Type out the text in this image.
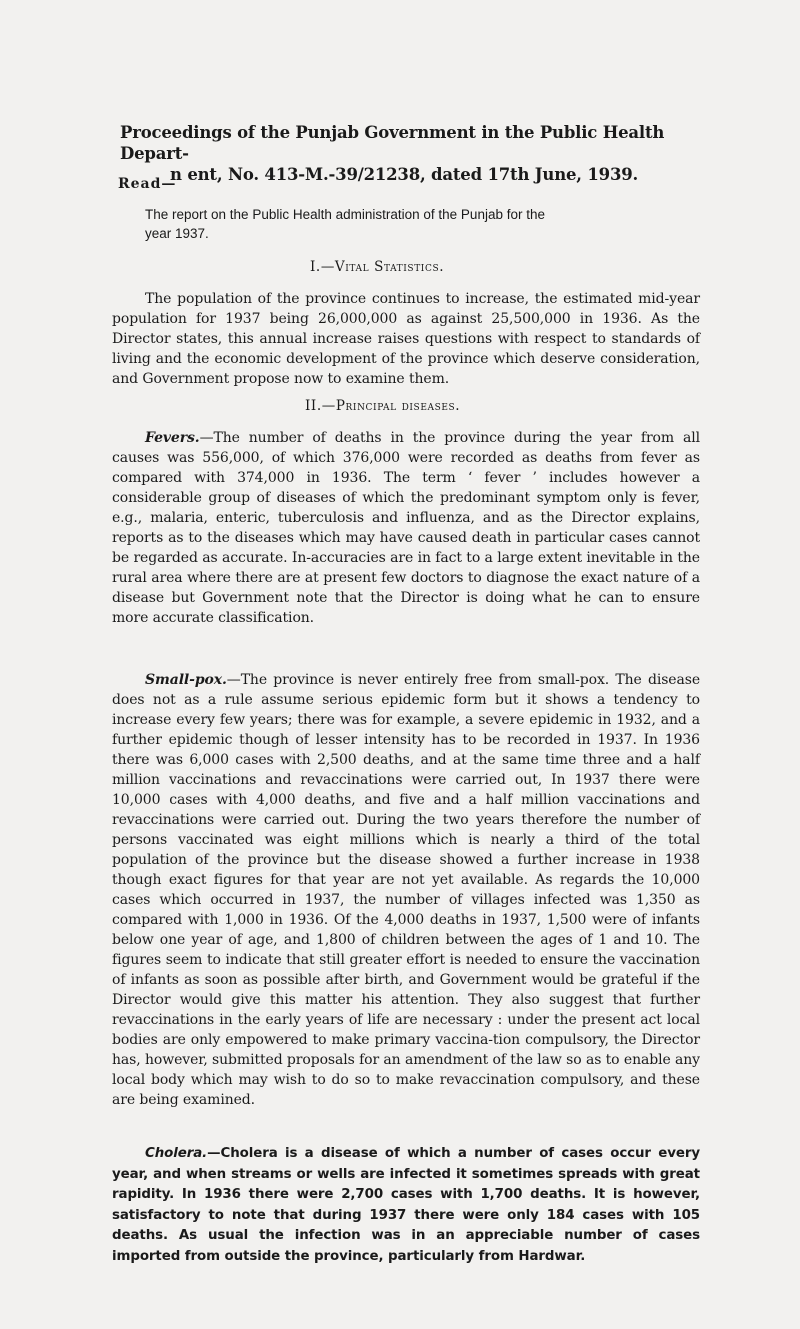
Proceedings of the Punjab Government in the Public Health Depart-
n ent, No. 413-M.-39/21238, dated 17th June, 1939.
Read—
The report on the Public Health administration of the Punjab for the
year 1937.
I.—Vital Statistics.
The population of the province continues to increase, the estimated mid-year population for 1937 being 26,000,000 as against 25,500,000 in 1936. As the Director states, this annual increase raises questions with respect to standards of living and the economic development of the province which deserve consideration, and Government propose now to examine them.
II.—Principal diseases.
Fevers.—The number of deaths in the province during the year from all causes was 556,000, of which 376,000 were recorded as deaths from fever as compared with 374,000 in 1936. The term ‘ fever ’ includes however a considerable group of diseases of which the predominant symptom only is fever, e.g., malaria, enteric, tuberculosis and influenza, and as the Director explains, reports as to the diseases which may have caused death in particular cases cannot be regarded as accurate. In-accuracies are in fact to a large extent inevitable in the rural area where there are at present few doctors to diagnose the exact nature of a disease but Government note that the Director is doing what he can to ensure more accurate classification.
Small-pox.—The province is never entirely free from small-pox. The disease does not as a rule assume serious epidemic form but it shows a tendency to increase every few years; there was for example, a severe epidemic in 1932, and a further epidemic though of lesser intensity has to be recorded in 1937. In 1936 there was 6,000 cases with 2,500 deaths, and at the same time three and a half million vaccinations and revaccinations were carried out, In 1937 there were 10,000 cases with 4,000 deaths, and five and a half million vaccinations and revaccinations were carried out. During the two years therefore the number of persons vaccinated was eight millions which is nearly a third of the total population of the province but the disease showed a further increase in 1938 though exact figures for that year are not yet available. As regards the 10,000 cases which occurred in 1937, the number of villages infected was 1,350 as compared with 1,000 in 1936. Of the 4,000 deaths in 1937, 1,500 were of infants below one year of age, and 1,800 of children between the ages of 1 and 10. The figures seem to indicate that still greater effort is needed to ensure the vaccination of infants as soon as possible after birth, and Government would be grateful if the Director would give this matter his attention. They also suggest that further revaccinations in the early years of life are necessary : under the present act local bodies are only empowered to make primary vaccina-tion compulsory, the Director has, however, submitted proposals for an amendment of the law so as to enable any local body which may wish to do so to make revaccination compulsory, and these are being examined.
Cholera.—Cholera is a disease of which a number of cases occur every year, and when streams or wells are infected it sometimes spreads with great rapidity. In 1936 there were 2,700 cases with 1,700 deaths. It is however, satisfactory to note that during 1937 there were only 184 cases with 105 deaths. As usual the infection was in an appreciable number of cases imported from outside the province, particularly from Hardwar.
